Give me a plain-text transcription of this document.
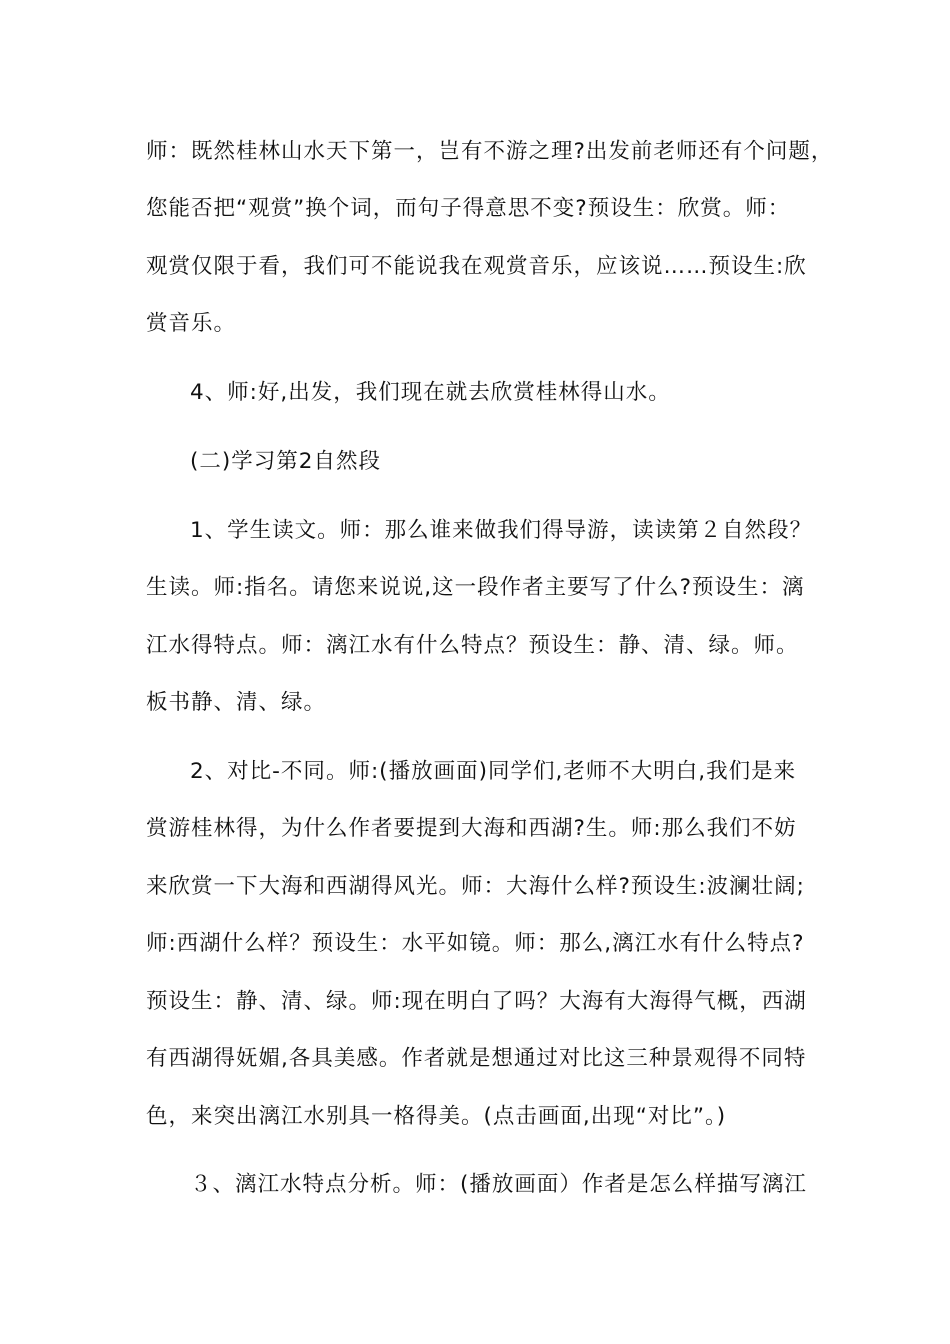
师：既然桂林山水天下第一，岂有不游之理?出发前老师还有个问题，
您能否把“观赏”换个词，而句子得意思不变?预设生：欣赏。师：
观赏仅限于看，我们可不能说我在观赏音乐，应该说……预设生:欣
赏音乐。
4、师:好,出发，我们现在就去欣赏桂林得山水。
(二)学习第2自然段
1、学生读文。师：那么谁来做我们得导游，读读第２自然段？
生读。师:指名。请您来说说,这一段作者主要写了什么?预设生：漓
江水得特点。师：漓江水有什么特点？预设生：静、清、绿。师。
板书静、清、绿。
2、对比-不同。师:(播放画面)同学们,老师不大明白,我们是来
赏游桂林得，为什么作者要提到大海和西湖?生。师:那么我们不妨
来欣赏一下大海和西湖得风光。师：大海什么样?预设生:波澜壮阔;
师:西湖什么样？预设生：水平如镜。师：那么,漓江水有什么特点?
预设生：静、清、绿。师:现在明白了吗？大海有大海得气概，西湖
有西湖得妩媚,各具美感。作者就是想通过对比这三种景观得不同特
色，来突出漓江水别具一格得美。(点击画面,出现“对比”。)
３、漓江水特点分析。师：(播放画面）作者是怎么样描写漓江
